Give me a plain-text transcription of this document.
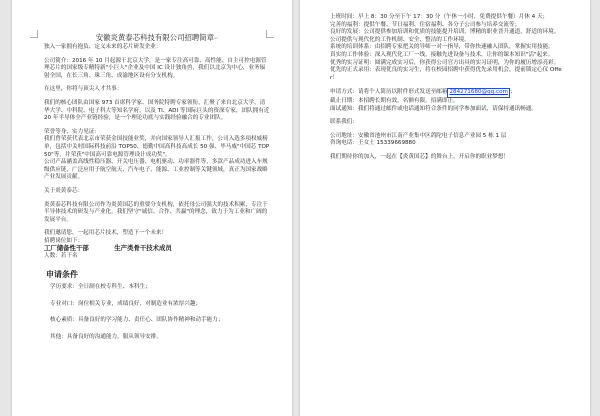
安徽炎黄泰芯科技有限公司招聘简章↵
独入一家拥有抱负、定义未来的芯片研发企业：
公司简介：2016 年 10 月起源于北京大学，是一家专注高可靠、高性能、自主可控电源管理芯片的国家级专精特新"小巨人"企业及中国 IC 设计独角兽，我们以北京为中心，业务辐射全国，在长三角、珠三角、成渝地区设有分支机构。
在这里，你将与顶尖人才共事：
我们的核心团队由国家 973 首席科学家、国务院特聘专家领衔，汇聚了来自北京大学、清华大学、中科院、电子科大等知名学府，以及 TI、ADI 等国际巨头的资深专家，团队拥有近 20 年半导体全产业链经验，是一个理论功底与实践经验融合的专业团队。
荣誉等身，实力见证：
我们曾荣获代表北京市荣获金国技能业奖，并向国家领导人汇报工作，公司入选多项权威榜单，包括中关村国际科技前沿 TOP50、德勤中国高科技高成长 50 强、毕马威"中国芯 TOP50"等，并荣获"中国高可靠电源管理设计成功奖"。
公司产品涵盖高线性稳压器、开关电压器、电机驱动、功率器件等，多款产品成功进入车规级供应链，广泛应用于航空航天、汽车电子、能源、工业控制等关键领域，真正为国家战略产业发展贡献。
关于炎黄泰芯：
炎黄泰芯科技有限公司作为炎黄国芯的重要分支机构，依托母公司强大的技术积累，专注于半导体技术的研发与产业化，我们坚守"诚信、合作、共赢"的理念，致力于为工业和广阔的发展平台。
我们邀请您，一起用芯片技术，塑造下一个未来！
招聘岗位如下：
工厂储备性干部　　　　生产类骨干技术成员
人数：若干名
申请条件
学历要求：全日制在校专科生、本科生；
专业对口：岗位相关专业，成绩良好，对制造业有浓厚兴趣；
核心素质：具备良好的学习能力、责任心、团队协作精神和动手能力；
其他：具备良好的沟通能力，服从领导安排。
上班时间：早上 8：30 分至下午 17：30 分（午休一小时，免费提供午餐）月休 4 天；
完善的福利：提供午餐、节日福利、住宿福利、各分子公司参与培养交流等；
良好的发展：公司提供参加培训和优质的技能提升培训，博精的职业晋升通道，舒适的环境。　公司提供与现代化的工作机制、安全、整洁的工作环境。
系统的培训体系：由招聘专家把关的导师一对一指导，带你快速融入团队，掌握实用技能。
真实的工作体验：深入现代化工厂一线，接触先进设备与技术，让你的课本知识"活"起来。
优秀的实习证明：圆满完成实习后，你获得公司官方出具的实习证明，为你的履历增添亮彩。
优先的正式录用：表现优良的实习生，将在校园招聘中获得优先录用机会，提前锁定心仪 Offer！
申请方式：请将个人简历以附件形式发送至邮箱 284271680@qq.com ；
截止日期：本招聘长期有效，名额有限，招满即止。
面试通知：我们将通过邮件或电话通知符合条件的同学参加面试，请保持通讯畅通。
联系我们：
公司地址：安徽省池州市江南产业集中区鸽陀电子信息产业园 5 栋 1 层
咨询电话：王女士 15339669880
我们期待你的加入，一起在【炎黄国芯】的舞台上，开启你的职业梦想！
